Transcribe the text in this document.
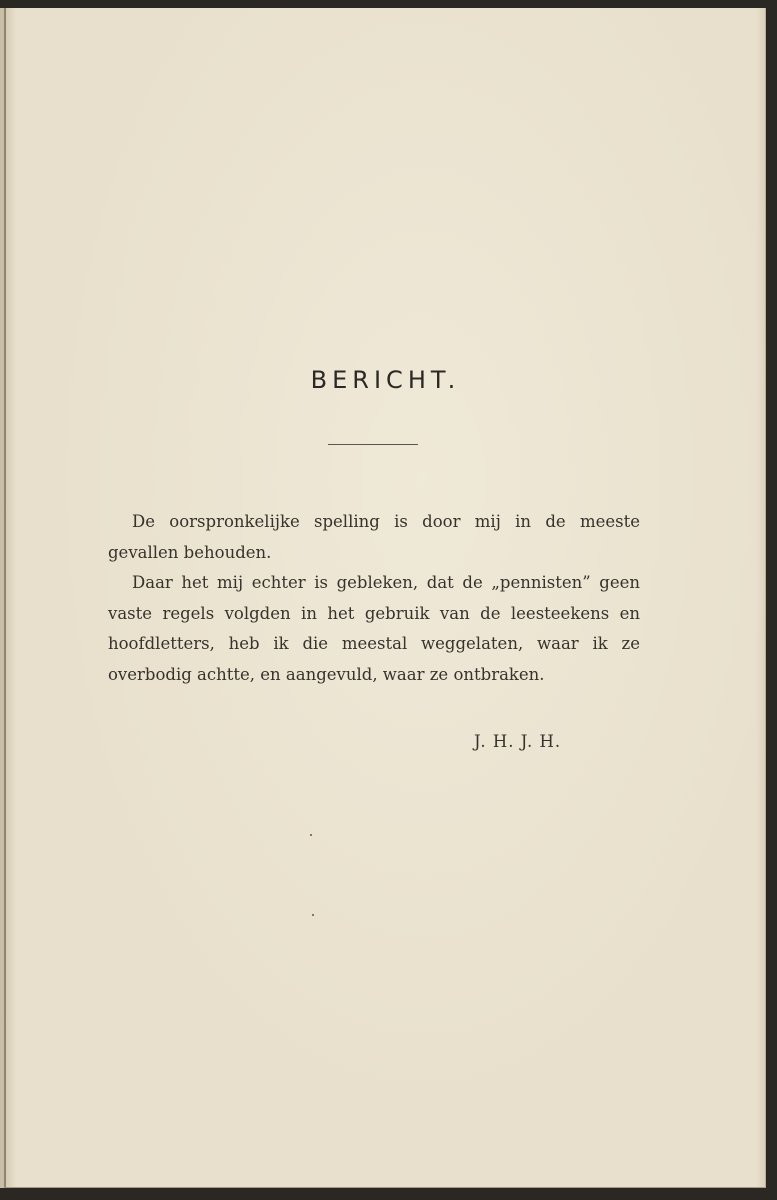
BERICHT.

De oorspronkelijke spelling is door mij in de meeste gevallen behouden.

Daar het mij echter is gebleken, dat de „pennisten” geen vaste regels volgden in het gebruik van de leesteekens en hoofdletters, heb ik die meestal weggelaten, waar ik ze overbodig achtte, en aangevuld, waar ze ontbraken.

J. H. J. H.
